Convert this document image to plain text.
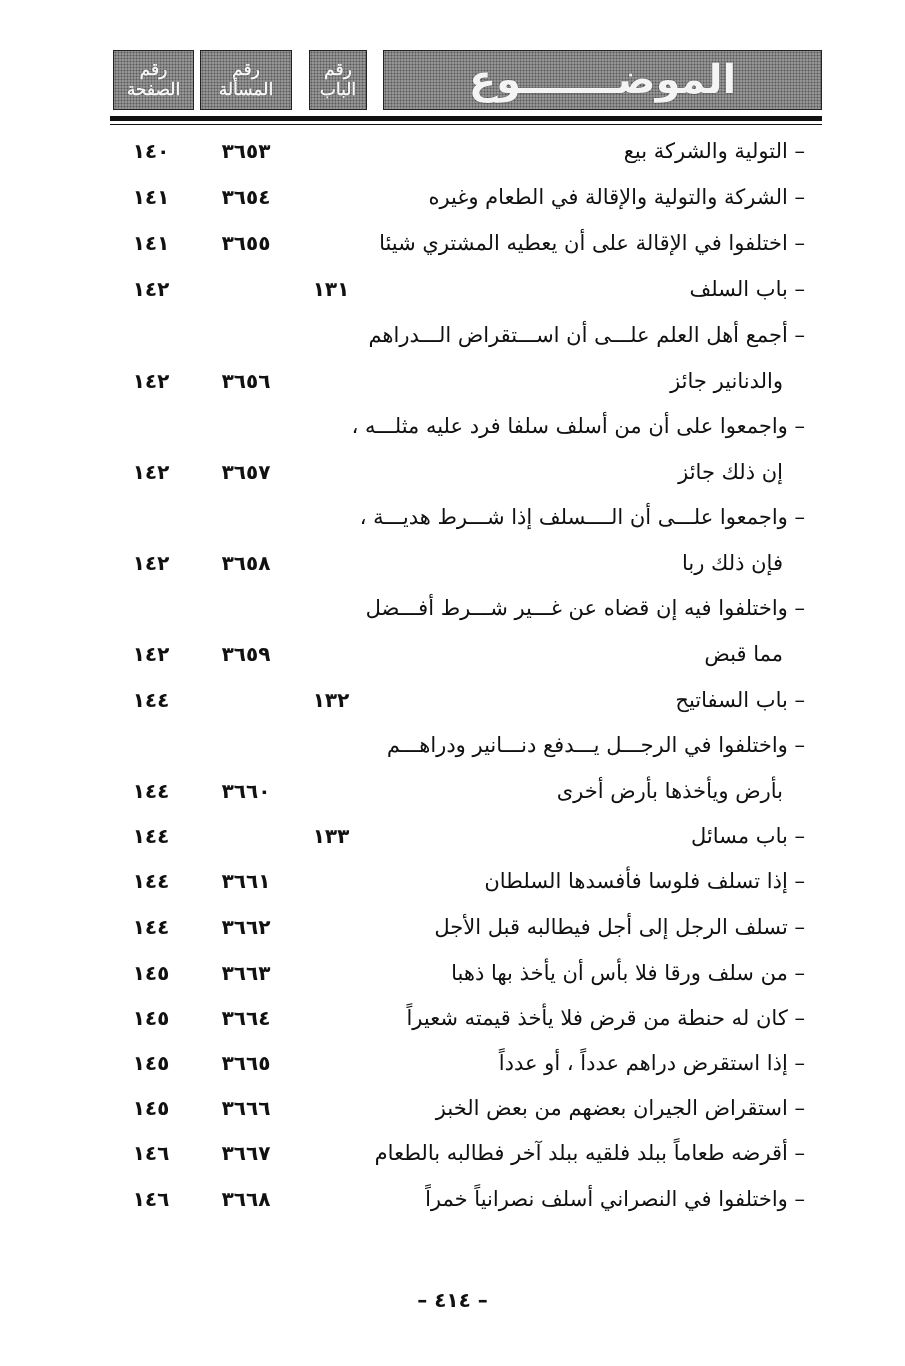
الموضـــــــوع
رقم
الباب
رقم
المسألة
رقم
الصفحة
– التولية والشركة بيع
٣٦٥٣
١٤٠
– الشركة والتولية والإقالة في الطعام وغيره
٣٦٥٤
١٤١
– اختلفوا في الإقالة على أن يعطيه المشتري شيئا
٣٦٥٥
١٤١
– باب السلف
١٣١
١٤٢
– أجمع أهل العلم علـــى أن اســـتقراض الـــدراهم
والدنانير جائز
٣٦٥٦
١٤٢
– واجمعوا على أن من أسلف سلفا فرد عليه مثلـــه ،
إن ذلك جائز
٣٦٥٧
١٤٢
– واجمعوا علـــى أن الــــسلف إذا شـــرط هديـــة ،
فإن ذلك ربا
٣٦٥٨
١٤٢
– واختلفوا فيه إن قضاه عن غـــير شـــرط أفـــضل
مما قبض
٣٦٥٩
١٤٢
– باب السفاتيح
١٣٢
١٤٤
– واختلفوا في الرجـــل يـــدفع دنـــانير ودراهـــم
بأرض ويأخذها بأرض أخرى
٣٦٦٠
١٤٤
– باب مسائل
١٣٣
١٤٤
– إذا تسلف فلوسا فأفسدها السلطان
٣٦٦١
١٤٤
– تسلف الرجل إلى أجل فيطالبه قبل الأجل
٣٦٦٢
١٤٤
– من سلف ورقا فلا بأس أن يأخذ بها ذهبا
٣٦٦٣
١٤٥
– كان له حنطة من قرض فلا يأخذ قيمته شعيراً
٣٦٦٤
١٤٥
– إذا استقرض دراهم عدداً ، أو عدداً
٣٦٦٥
١٤٥
– استقراض الجيران بعضهم من بعض الخبز
٣٦٦٦
١٤٥
– أقرضه طعاماً ببلد فلقيه ببلد آخر فطالبه بالطعام
٣٦٦٧
١٤٦
– واختلفوا في النصراني أسلف نصرانياً خمراً
٣٦٦٨
١٤٦
– ٤١٤ –
